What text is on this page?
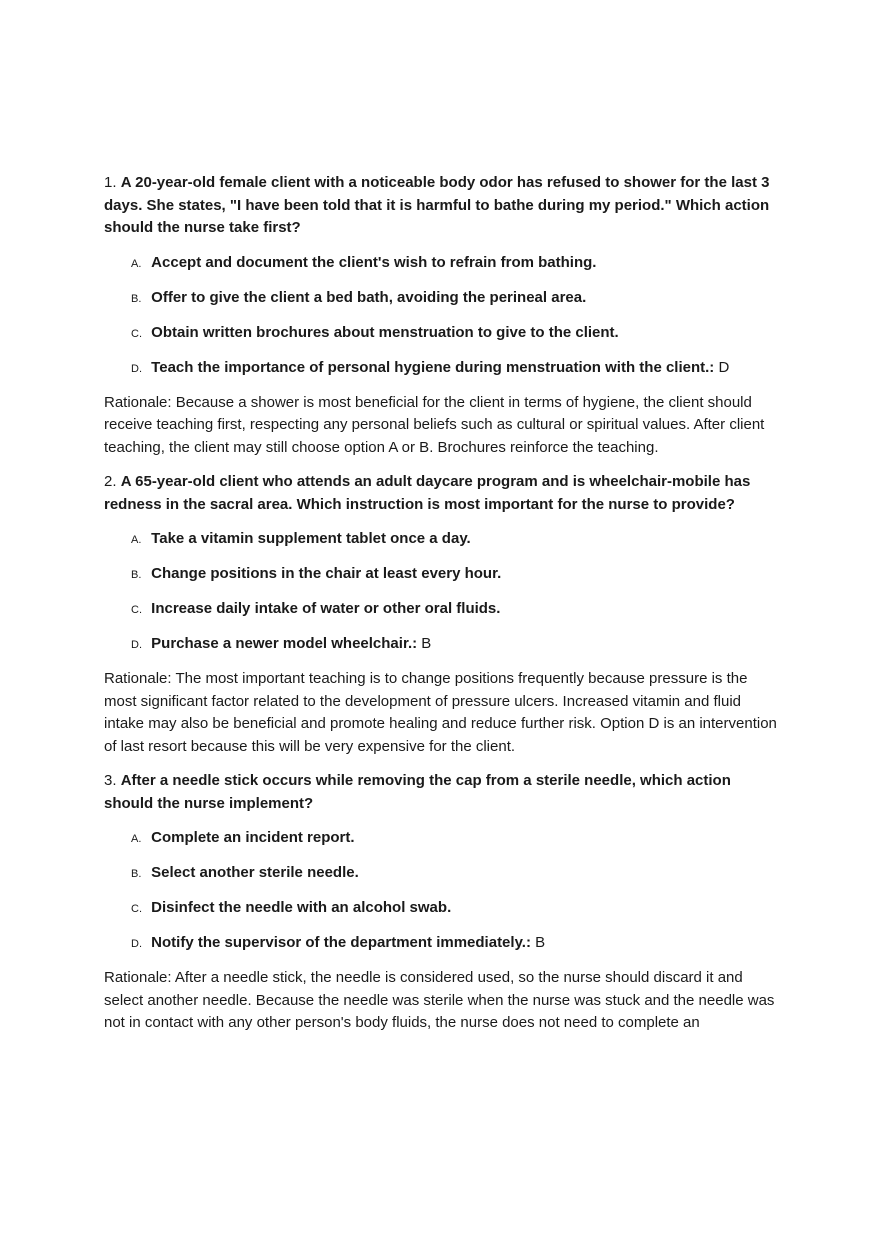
1. A 20-year-old female client with a noticeable body odor has refused to shower for the last 3 days. She states, "I have been told that it is harmful to bathe during my period." Which action should the nurse take first?

A. Accept and document the client's wish to refrain from bathing.
B. Offer to give the client a bed bath, avoiding the perineal area.
C. Obtain written brochures about menstruation to give to the client.
D. Teach the importance of personal hygiene during menstruation with the client.: D

Rationale: Because a shower is most beneficial for the client in terms of hygiene, the client should receive teaching first, respecting any personal beliefs such as cultural or spiritual values. After client teaching, the client may still choose option A or B. Brochures reinforce the teaching.

2. A 65-year-old client who attends an adult daycare program and is wheelchair-mobile has redness in the sacral area. Which instruction is most important for the nurse to provide?

A. Take a vitamin supplement tablet once a day.
B. Change positions in the chair at least every hour.
C. Increase daily intake of water or other oral fluids.
D. Purchase a newer model wheelchair.: B

Rationale: The most important teaching is to change positions frequently because pressure is the most significant factor related to the development of pressure ulcers. Increased vitamin and fluid intake may also be beneficial and promote healing and reduce further risk. Option D is an intervention of last resort because this will be very expensive for the client.

3. After a needle stick occurs while removing the cap from a sterile needle, which action should the nurse implement?

A. Complete an incident report.
B. Select another sterile needle.
C. Disinfect the needle with an alcohol swab.
D. Notify the supervisor of the department immediately.: B

Rationale: After a needle stick, the needle is considered used, so the nurse should discard it and select another needle. Because the needle was sterile when the nurse was stuck and the needle was not in contact with any other person's body fluids, the nurse does not need to complete an
